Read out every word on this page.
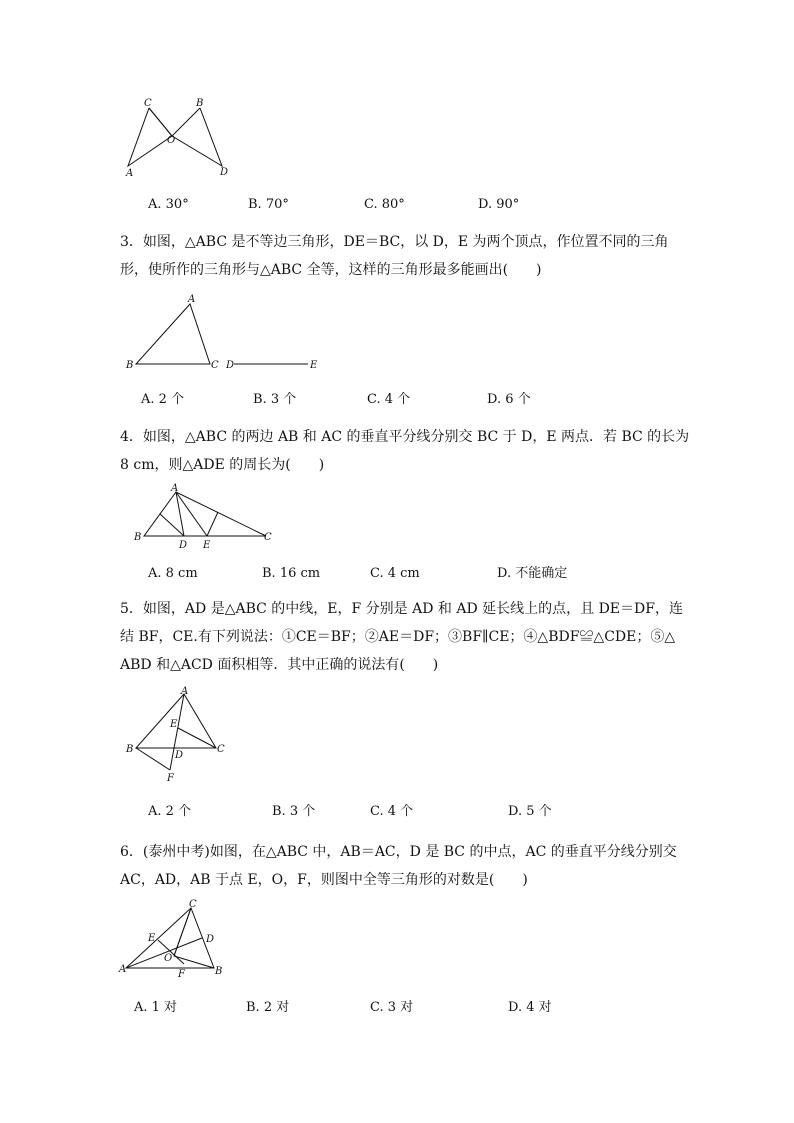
C	B
O
A	D
A. 30°	B. 70°	C. 80°	D. 90°
3．如图，△ABC 是不等边三角形，DE＝BC，以 D，E 为两个顶点，作位置不同的三角
形，使所作的三角形与△ABC 全等，这样的三角形最多能画出(　　)
A
B	C D	E
A. 2 个	B. 3 个	C. 4 个	D. 6 个
4．如图，△ABC 的两边 AB 和 AC 的垂直平分线分别交 BC 于 D，E 两点．若 BC 的长为
8 cm，则△ADE 的周长为(　　)
A
B
D E
C
A. 8 cm	B. 16 cm	C. 4 cm	D. 不能确定
5．如图，AD 是△ABC 的中线，E，F 分别是 AD 和 AD 延长线上的点，且 DE＝DF，连
结 BF，CE.有下列说法：①CE＝BF；②AE＝DF；③BF∥CE；④△BDF≌△CDE；⑤△
ABD 和△ACD 面积相等．其中正确的说法有(　　)
A
E
B
D
C
F
A. 2 个	B. 3 个	C. 4 个	D. 5 个
6．(泰州中考)如图，在△ABC 中，AB＝AC，D 是 BC 的中点，AC 的垂直平分线分别交
AC，AD，AB 于点 E，O，F，则图中全等三角形的对数是(　　)
C
E	D
O
A	F	B
A. 1 对	B. 2 对	C. 3 对	D. 4 对
